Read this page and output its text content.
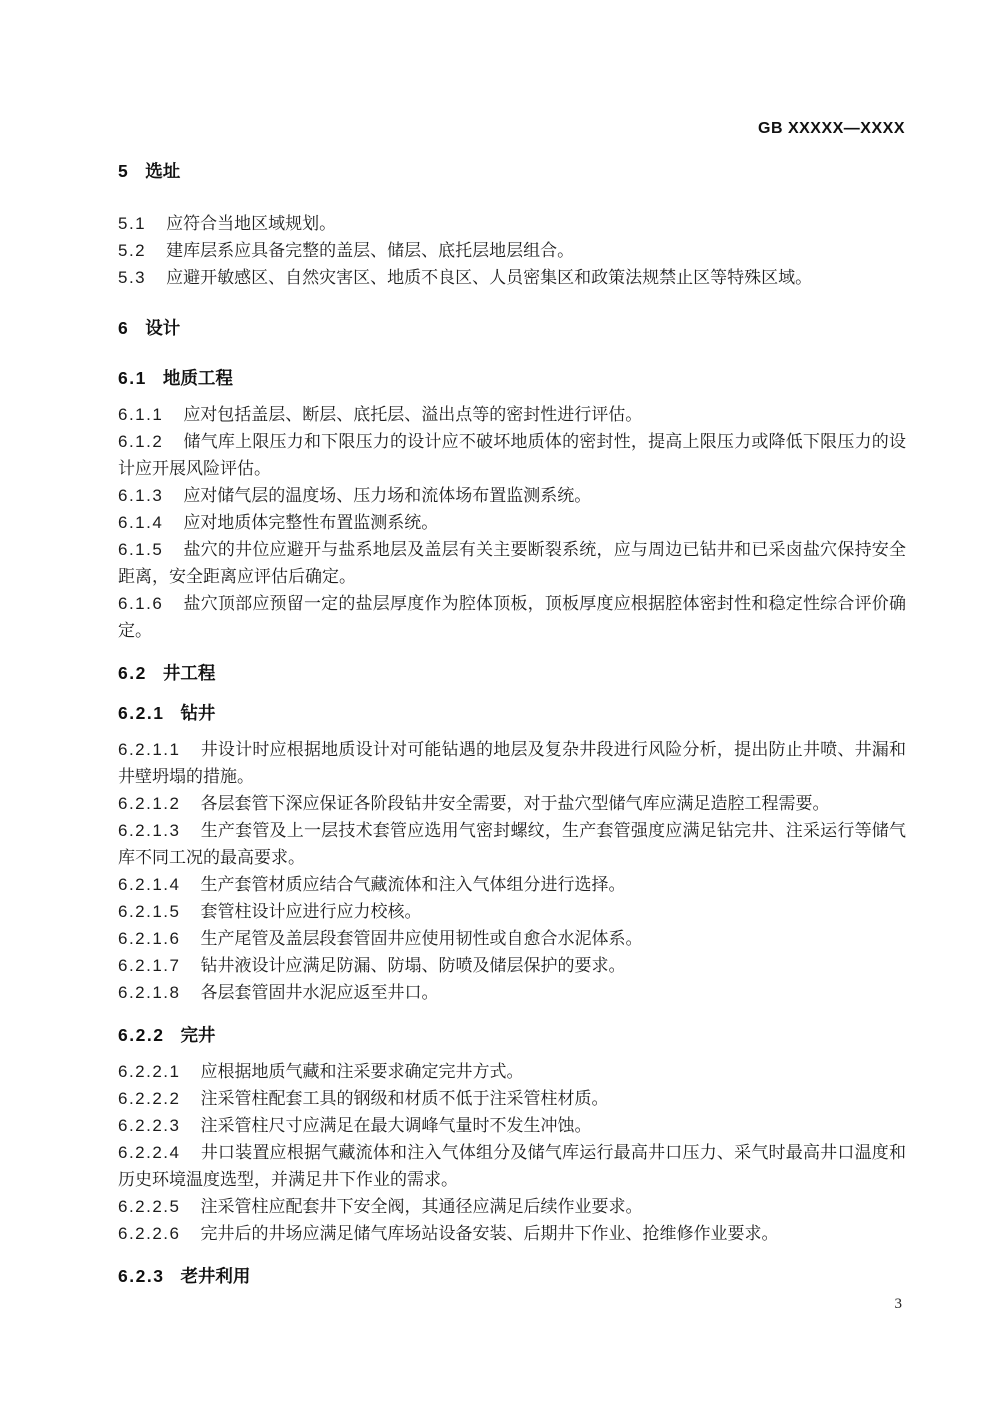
GB XXXXX—XXXX
5 选址

5.1 应符合当地区域规划。

5.2 建库层系应具备完整的盖层、储层、底托层地层组合。

5.3 应避开敏感区、自然灾害区、地质不良区、人员密集区和政策法规禁止区等特殊区域。

6 设计
6.1 地质工程

6.1.1 应对包括盖层、断层、底托层、溢出点等的密封性进行评估。

6.1.2 储气库上限压力和下限压力的设计应不破坏地质体的密封性，提高上限压力或降低下限压力的设计应开展风险评估。

6.1.3 应对储气层的温度场、压力场和流体场布置监测系统。

6.1.4 应对地质体完整性布置监测系统。

6.1.5 盐穴的井位应避开与盐系地层及盖层有关主要断裂系统，应与周边已钻井和已采卤盐穴保持安全距离，安全距离应评估后确定。

6.1.6 盐穴顶部应预留一定的盐层厚度作为腔体顶板，顶板厚度应根据腔体密封性和稳定性综合评价确定。

6.2 井工程
6.2.1 钻井

6.2.1.1 井设计时应根据地质设计对可能钻遇的地层及复杂井段进行风险分析，提出防止井喷、井漏和井壁坍塌的措施。

6.2.1.2 各层套管下深应保证各阶段钻井安全需要，对于盐穴型储气库应满足造腔工程需要。

6.2.1.3 生产套管及上一层技术套管应选用气密封螺纹，生产套管强度应满足钻完井、注采运行等储气库不同工况的最高要求。

6.2.1.4 生产套管材质应结合气藏流体和注入气体组分进行选择。

6.2.1.5 套管柱设计应进行应力校核。

6.2.1.6 生产尾管及盖层段套管固井应使用韧性或自愈合水泥体系。

6.2.1.7 钻井液设计应满足防漏、防塌、防喷及储层保护的要求。

6.2.1.8 各层套管固井水泥应返至井口。

6.2.2 完井

6.2.2.1 应根据地质气藏和注采要求确定完井方式。

6.2.2.2 注采管柱配套工具的钢级和材质不低于注采管柱材质。

6.2.2.3 注采管柱尺寸应满足在最大调峰气量时不发生冲蚀。

6.2.2.4 井口装置应根据气藏流体和注入气体组分及储气库运行最高井口压力、采气时最高井口温度和历史环境温度选型，并满足井下作业的需求。

6.2.2.5 注采管柱应配套井下安全阀，其通径应满足后续作业要求。

6.2.2.6 完井后的井场应满足储气库场站设备安装、后期井下作业、抢维修作业要求。

6.2.3 老井利用
3
